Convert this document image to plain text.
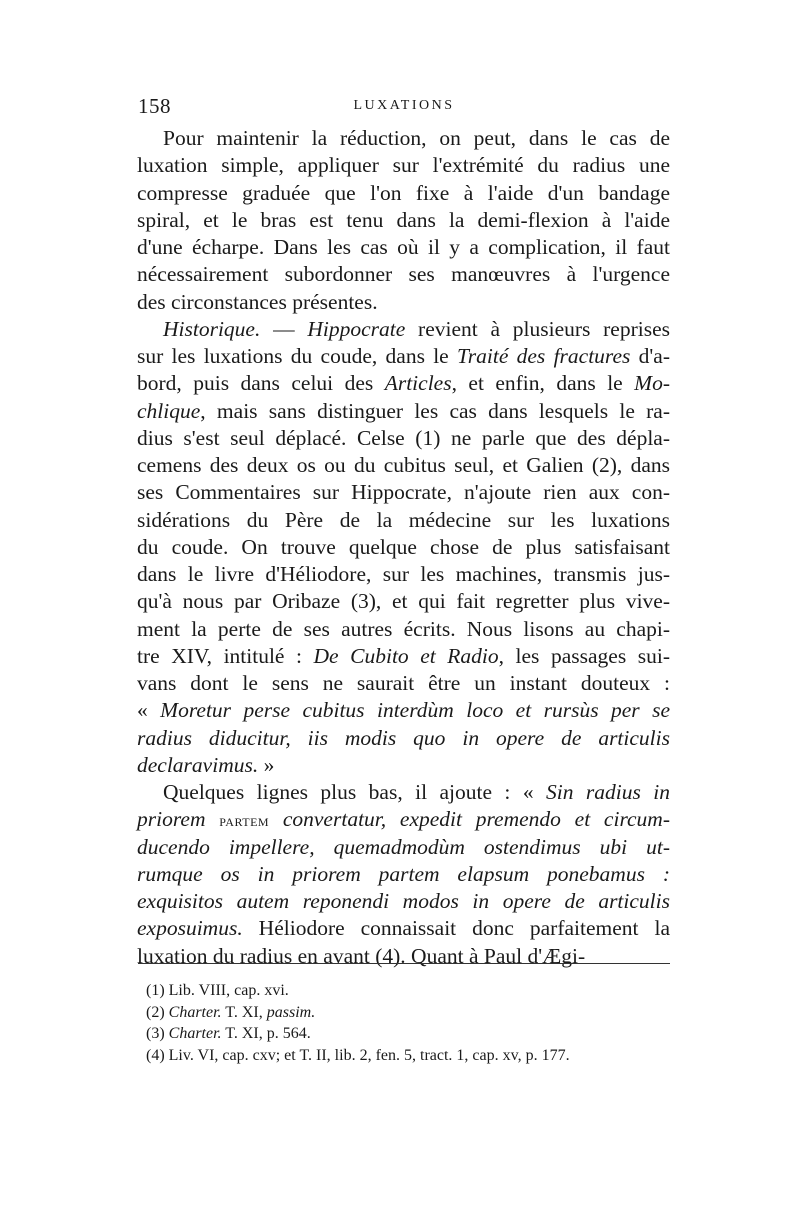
158	LUXATIONS
Pour maintenir la réduction, on peut, dans le cas de
luxation simple, appliquer sur l'extrémité du radius une
compresse graduée que l'on fixe à l'aide d'un bandage
spiral, et le bras est tenu dans la demi-flexion à l'aide
d'une écharpe. Dans les cas où il y a complication, il faut
nécessairement subordonner ses manœuvres à l'urgence
des circonstances présentes.
Historique. — Hippocrate revient à plusieurs reprises
sur les luxations du coude, dans le Traité des fractures d'a-
bord, puis dans celui des Articles, et enfin, dans le Mo-
chlique, mais sans distinguer les cas dans lesquels le ra-
dius s'est seul déplacé. Celse (1) ne parle que des dépla-
cemens des deux os ou du cubitus seul, et Galien (2), dans
ses Commentaires sur Hippocrate, n'ajoute rien aux con-
sidérations du Père de la médecine sur les luxations
du coude. On trouve quelque chose de plus satisfaisant
dans le livre d'Héliodore, sur les machines, transmis jus-
qu'à nous par Oribaze (3), et qui fait regretter plus vive-
ment la perte de ses autres écrits. Nous lisons au chapi-
tre XIV, intitulé : De Cubito et Radio, les passages sui-
vans dont le sens ne saurait être un instant douteux :
« Moretur perse cubitus interdùm loco et rursùs per se
radius diducitur, iis modis quo in opere de articulis
declaravimus. »
Quelques lignes plus bas, il ajoute : « Sin radius in
priorem partem convertatur, expedit premendo et circum-
ducendo impellere, quemadmodùm ostendimus ubi ut-
rumque os in priorem partem elapsum ponebamus :
exquisitos autem reponendi modos in opere de articulis
exposuimus. Héliodore connaissait donc parfaitement la
luxation du radius en avant (4). Quant à Paul d'Ægi-
(1) Lib. VIII, cap. xvi.
(2) Charter. T. XI, passim.
(3) Charter. T. XI, p. 564.
(4) Liv. VI, cap. cxv; et T. II, lib. 2, fen. 5, tract. 1, cap. xv, p. 177.
